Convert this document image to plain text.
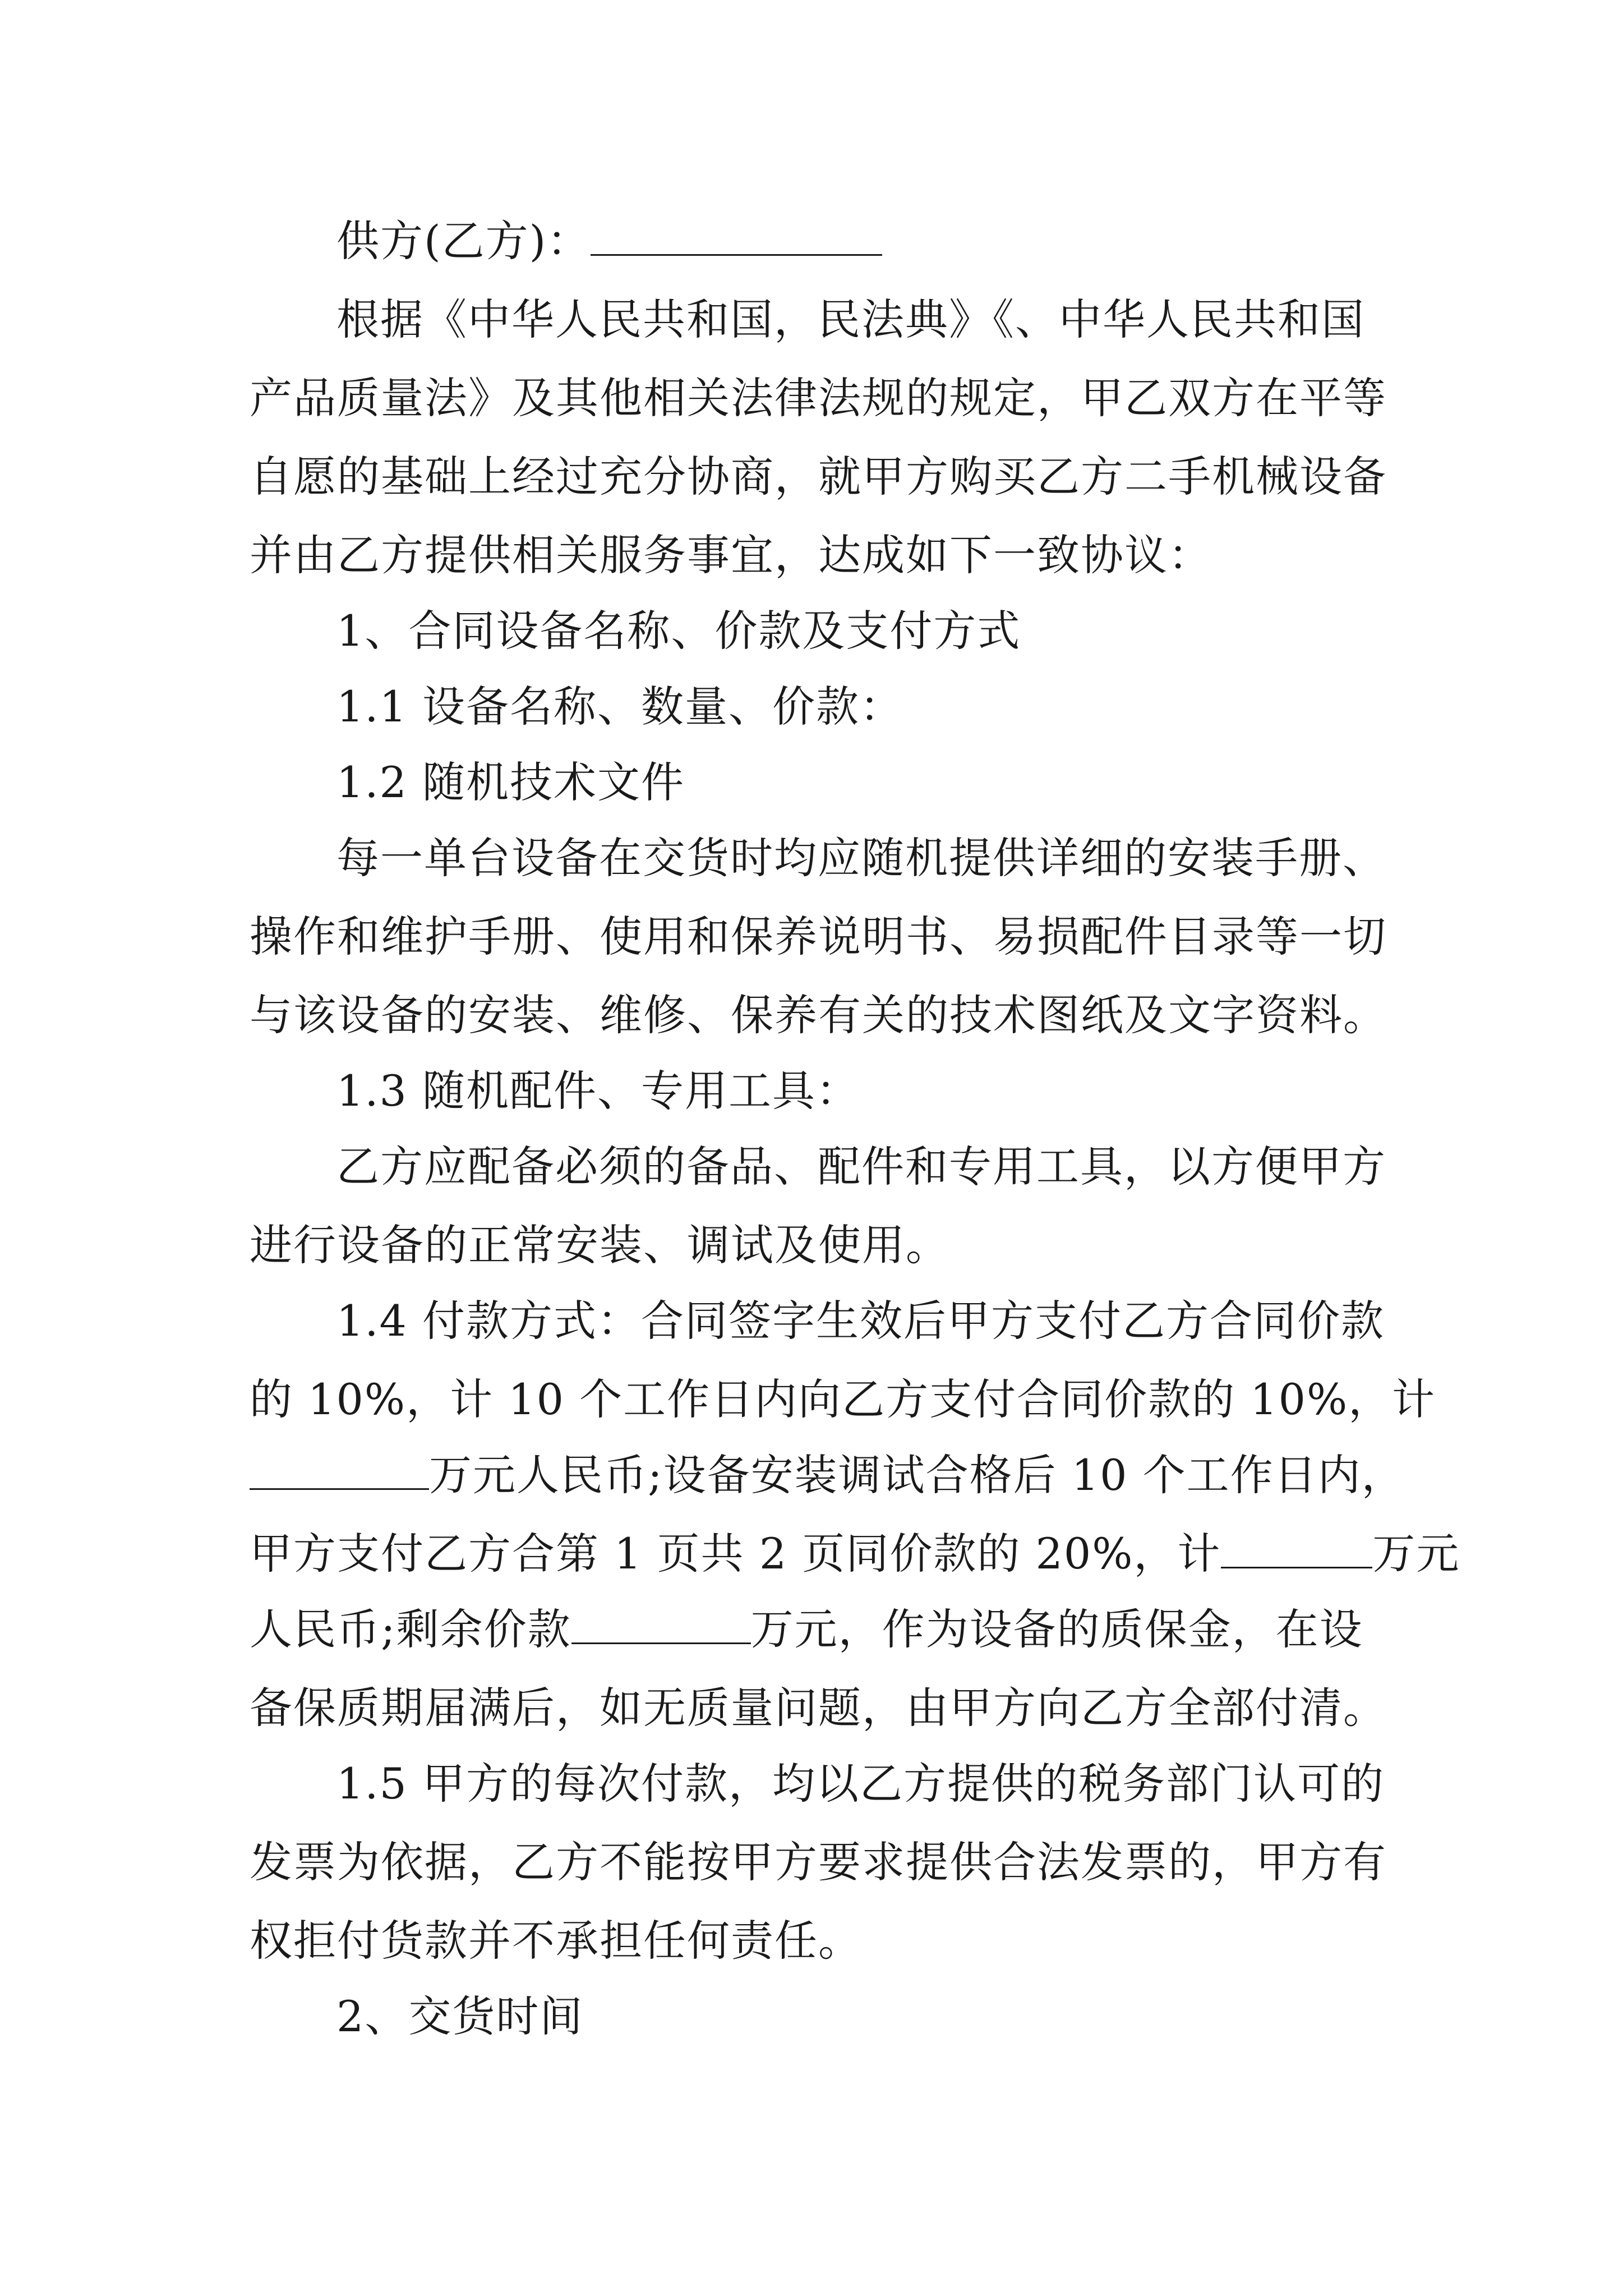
供方(乙方)：
根据《中华人民共和国，民法典》《、中华人民共和国
产品质量法》及其他相关法律法规的规定，甲乙双方在平等
自愿的基础上经过充分协商，就甲方购买乙方二手机械设备
并由乙方提供相关服务事宜，达成如下一致协议：
1、合同设备名称、价款及支付方式
1.1 设备名称、数量、价款：
1.2 随机技术文件
每一单台设备在交货时均应随机提供详细的安装手册、
操作和维护手册、使用和保养说明书、易损配件目录等一切
与该设备的安装、维修、保养有关的技术图纸及文字资料。
1.3 随机配件、专用工具：
乙方应配备必须的备品、配件和专用工具，以方便甲方
进行设备的正常安装、调试及使用。
1.4 付款方式：合同签字生效后甲方支付乙方合同价款
的 10%，计 10 个工作日内向乙方支付合同价款的 10%，计
万元人民币;设备安装调试合格后 10 个工作日内，
甲方支付乙方合第 1 页共 2 页同价款的 20%，计	万元
人民币;剩余价款	万元，作为设备的质保金，在设
备保质期届满后，如无质量问题，由甲方向乙方全部付清。
1.5 甲方的每次付款，均以乙方提供的税务部门认可的
发票为依据，乙方不能按甲方要求提供合法发票的，甲方有
权拒付货款并不承担任何责任。
2、交货时间
